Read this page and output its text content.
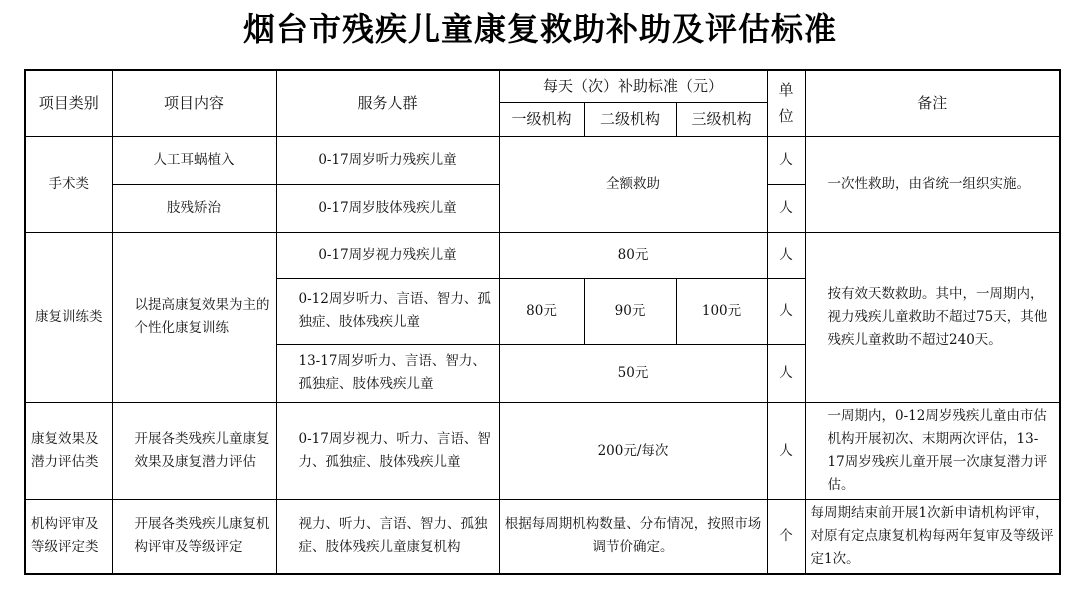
烟台市残疾儿童康复救助补助及评估标准
项目类别	项目内容	服务人群	每天（次）补助标准（元）			单位	备注
			一级机构	二级机构	三级机构		
手术类	人工耳蜗植入	0-17周岁听力残疾儿童	全额救助			人	一次性救助，由省统一组织实施。
	肢残矫治	0-17周岁肢体残疾儿童				人	
康复训练类	以提高康复效果为主的个性化康复训练	0-17周岁视力残疾儿童	80元			人	按有效天数救助。其中，一周期内，视力残疾儿童救助不超过75天，其他残疾儿童救助不超过240天。
		0-12周岁听力、言语、智力、孤独症、肢体残疾儿童	80元	90元	100元	人	
		13-17周岁听力、言语、智力、孤独症、肢体残疾儿童	50元			人	
康复效果及潜力评估类	开展各类残疾儿童康复效果及康复潜力评估	0-17周岁视力、听力、言语、智力、孤独症、肢体残疾儿童	200元/每次			人	一周期内，0-12周岁残疾儿童由市估机构开展初次、末期两次评估，13-17周岁残疾儿童开展一次康复潜力评估。
机构评审及等级评定类	开展各类残疾儿康复机构评审及等级评定	视力、听力、言语、智力、孤独症、肢体残疾儿童康复机构	根据每周期机构数量、分布情况，按照市场调节价确定。			个	每周期结束前开展1次新申请机构评审，对原有定点康复机构每两年复审及等级评定1次。
